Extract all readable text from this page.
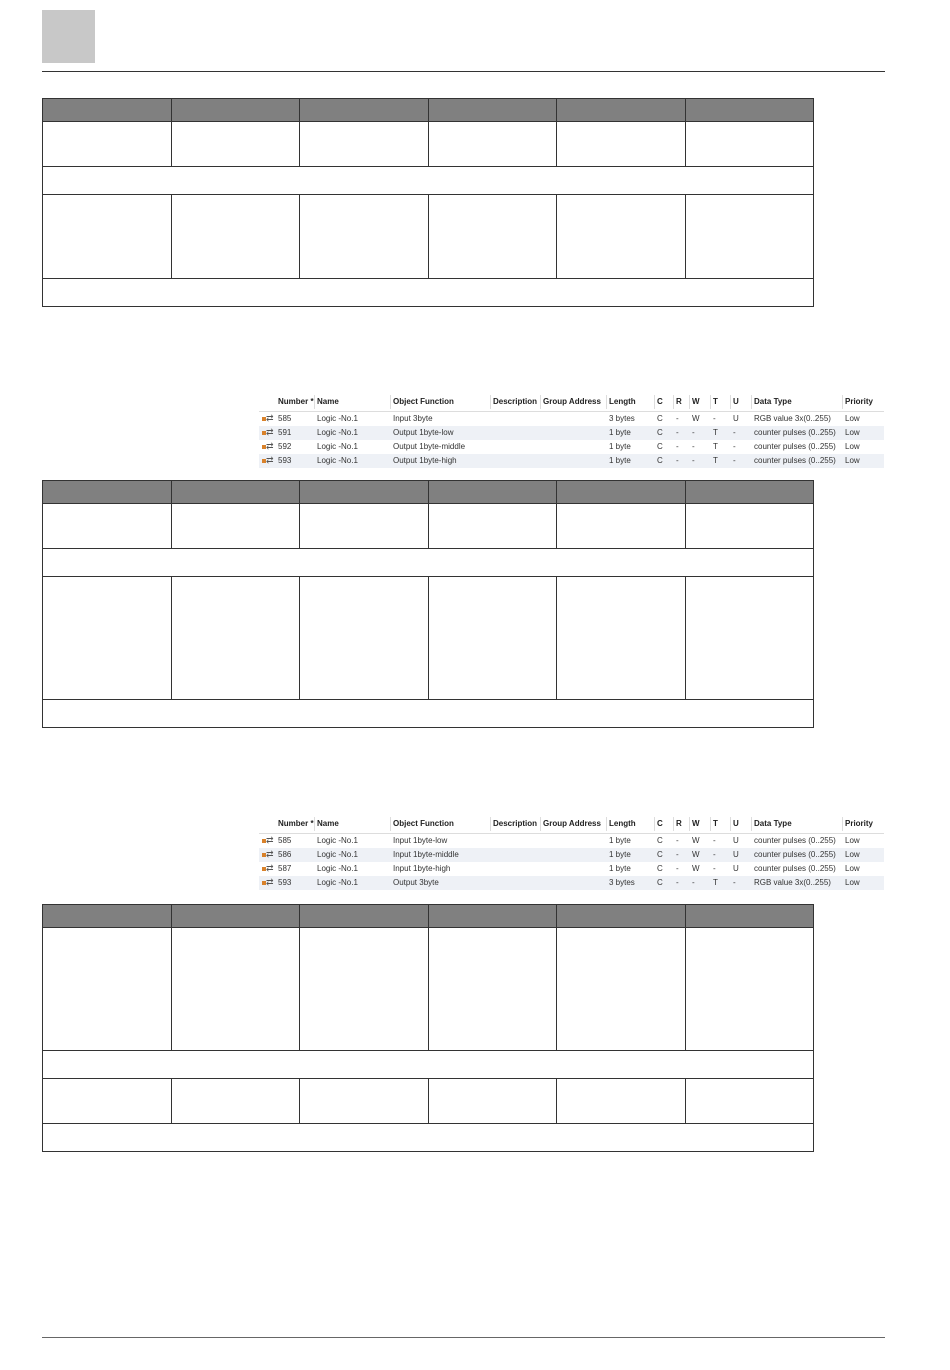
Number * Name	Object Function	Description Group Address Length	C R W T U Data Type	Priority
⇄ 585	Logic -No.1	Input 3byte	3 bytes	C - W - U RGB value 3x(0..255) Low
⇄ 591	Logic -No.1	Output 1byte-low	1 byte	C - - T - counter pulses (0..255) Low
⇄ 592	Logic -No.1	Output 1byte-middle	1 byte	C - - T - counter pulses (0..255) Low
⇄ 593	Logic -No.1	Output 1byte-high	1 byte	C - - T - counter pulses (0..255) Low

Number * Name	Object Function	Description Group Address Length	C R W T U Data Type	Priority
⇄ 585	Logic -No.1	Input 1byte-low	1 byte	C - W - U counter pulses (0..255) Low
⇄ 586	Logic -No.1	Input 1byte-middle	1 byte	C - W - U counter pulses (0..255) Low
⇄ 587	Logic -No.1	Input 1byte-high	1 byte	C - W - U counter pulses (0..255) Low
⇄ 593	Logic -No.1	Output 3byte	3 bytes	C - - T - RGB value 3x(0..255) Low
